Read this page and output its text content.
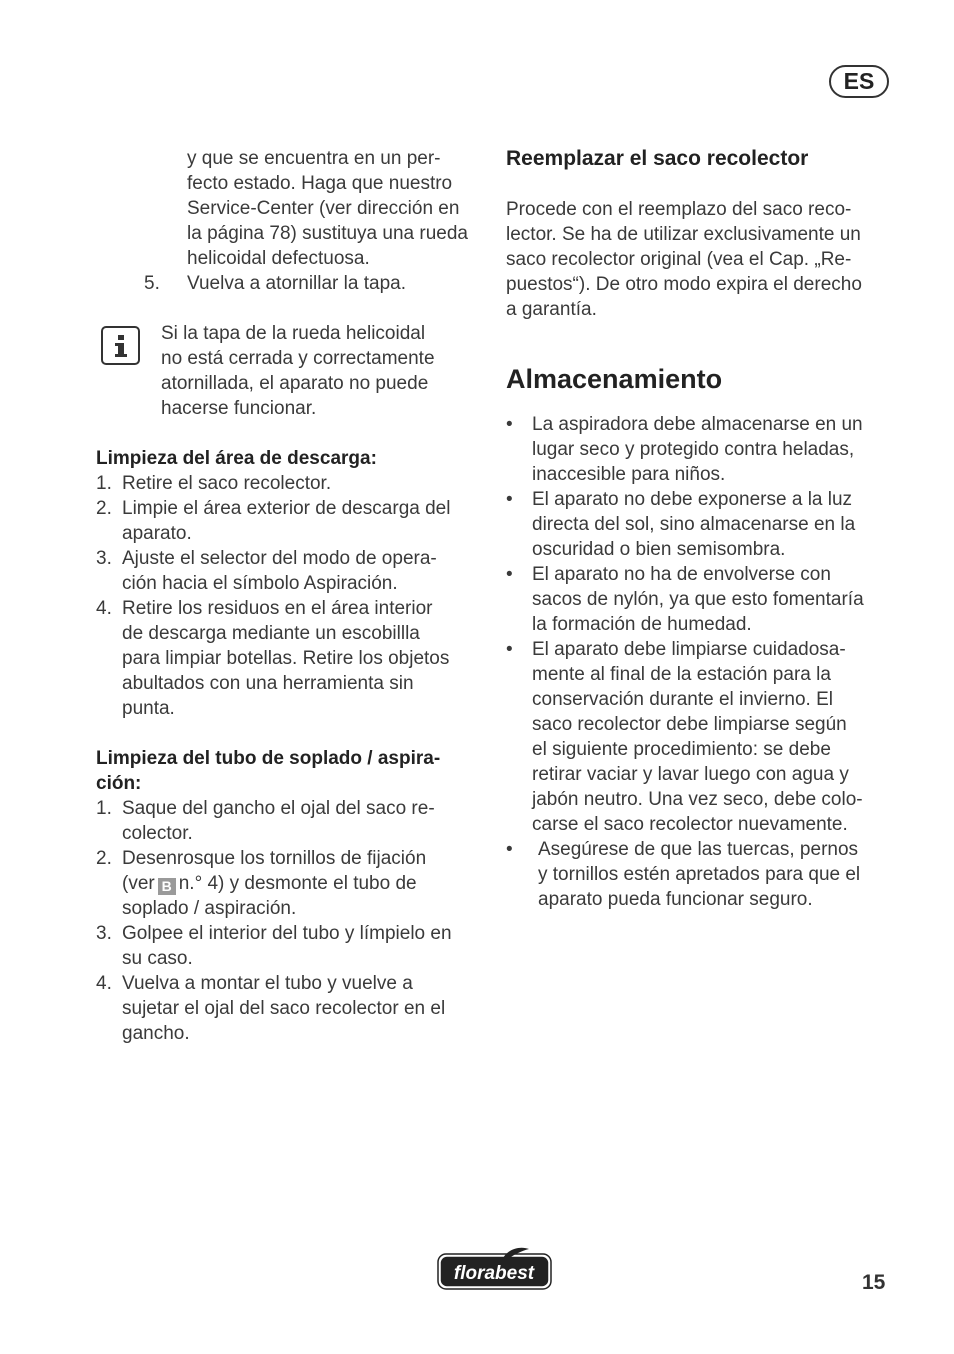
ES

y que se encuentra en un per-

fecto estado. Haga que nuestro

Service-Center (ver dirección en

la página 78) sustituya una rueda

helicoidal defectuosa.

5.	Vuelva a atornillar la tapa.

Si la tapa de la rueda helicoidal

no está cerrada y correctamente

atornillada, el aparato no puede

hacerse funcionar.

Limpieza del área de descarga:

1. Retire el saco recolector.
2. Limpie el área exterior de descarga del
aparato.
3. Ajuste el selector del modo de opera-
ción hacia el símbolo Aspiración.
4. Retire los residuos en el área interior
de descarga mediante un escobillla
para limpiar botellas. Retire los objetos
abultados con una herramienta sin
punta.

Limpieza del tubo de soplado / aspira-
ción:

1. Saque del gancho el ojal del saco re-
colector.
2. Desenrosque los tornillos de fijación
(ver B n.° 4) y desmonte el tubo de
soplado / aspiración.
3. Golpee el interior del tubo y límpielo en
su caso.
4. Vuelva a montar el tubo y vuelve a
sujetar el ojal del saco recolector en el
gancho.

Reemplazar el saco recolector

Procede con el reemplazo del saco reco-

lector. Se ha de utilizar exclusivamente un

saco recolector original (vea el Cap. „Re-

puestos“). De otro modo expira el derecho

a garantía.

Almacenamiento

•	La aspiradora debe almacenarse en un
lugar seco y protegido contra heladas,
inaccesible para niños.
•	El aparato no debe exponerse a la luz
directa del sol, sino almacenarse en la
oscuridad o bien semisombra.
•	El aparato no ha de envolverse con
sacos de nylón, ya que esto fomentaría
la formación de humedad.
•	El aparato debe limpiarse cuidadosa-
mente al final de la estación para la
conservación durante el invierno. El
saco recolector debe limpiarse según
el siguiente procedimiento: se debe
retirar vaciar y lavar luego con agua y
jabón neutro. Una vez seco, debe colo-
carse el saco recolector nuevamente.
•	Asegúrese de que las tuercas, pernos
y tornillos estén apretados para que el
aparato pueda funcionar seguro.
florabest	15
